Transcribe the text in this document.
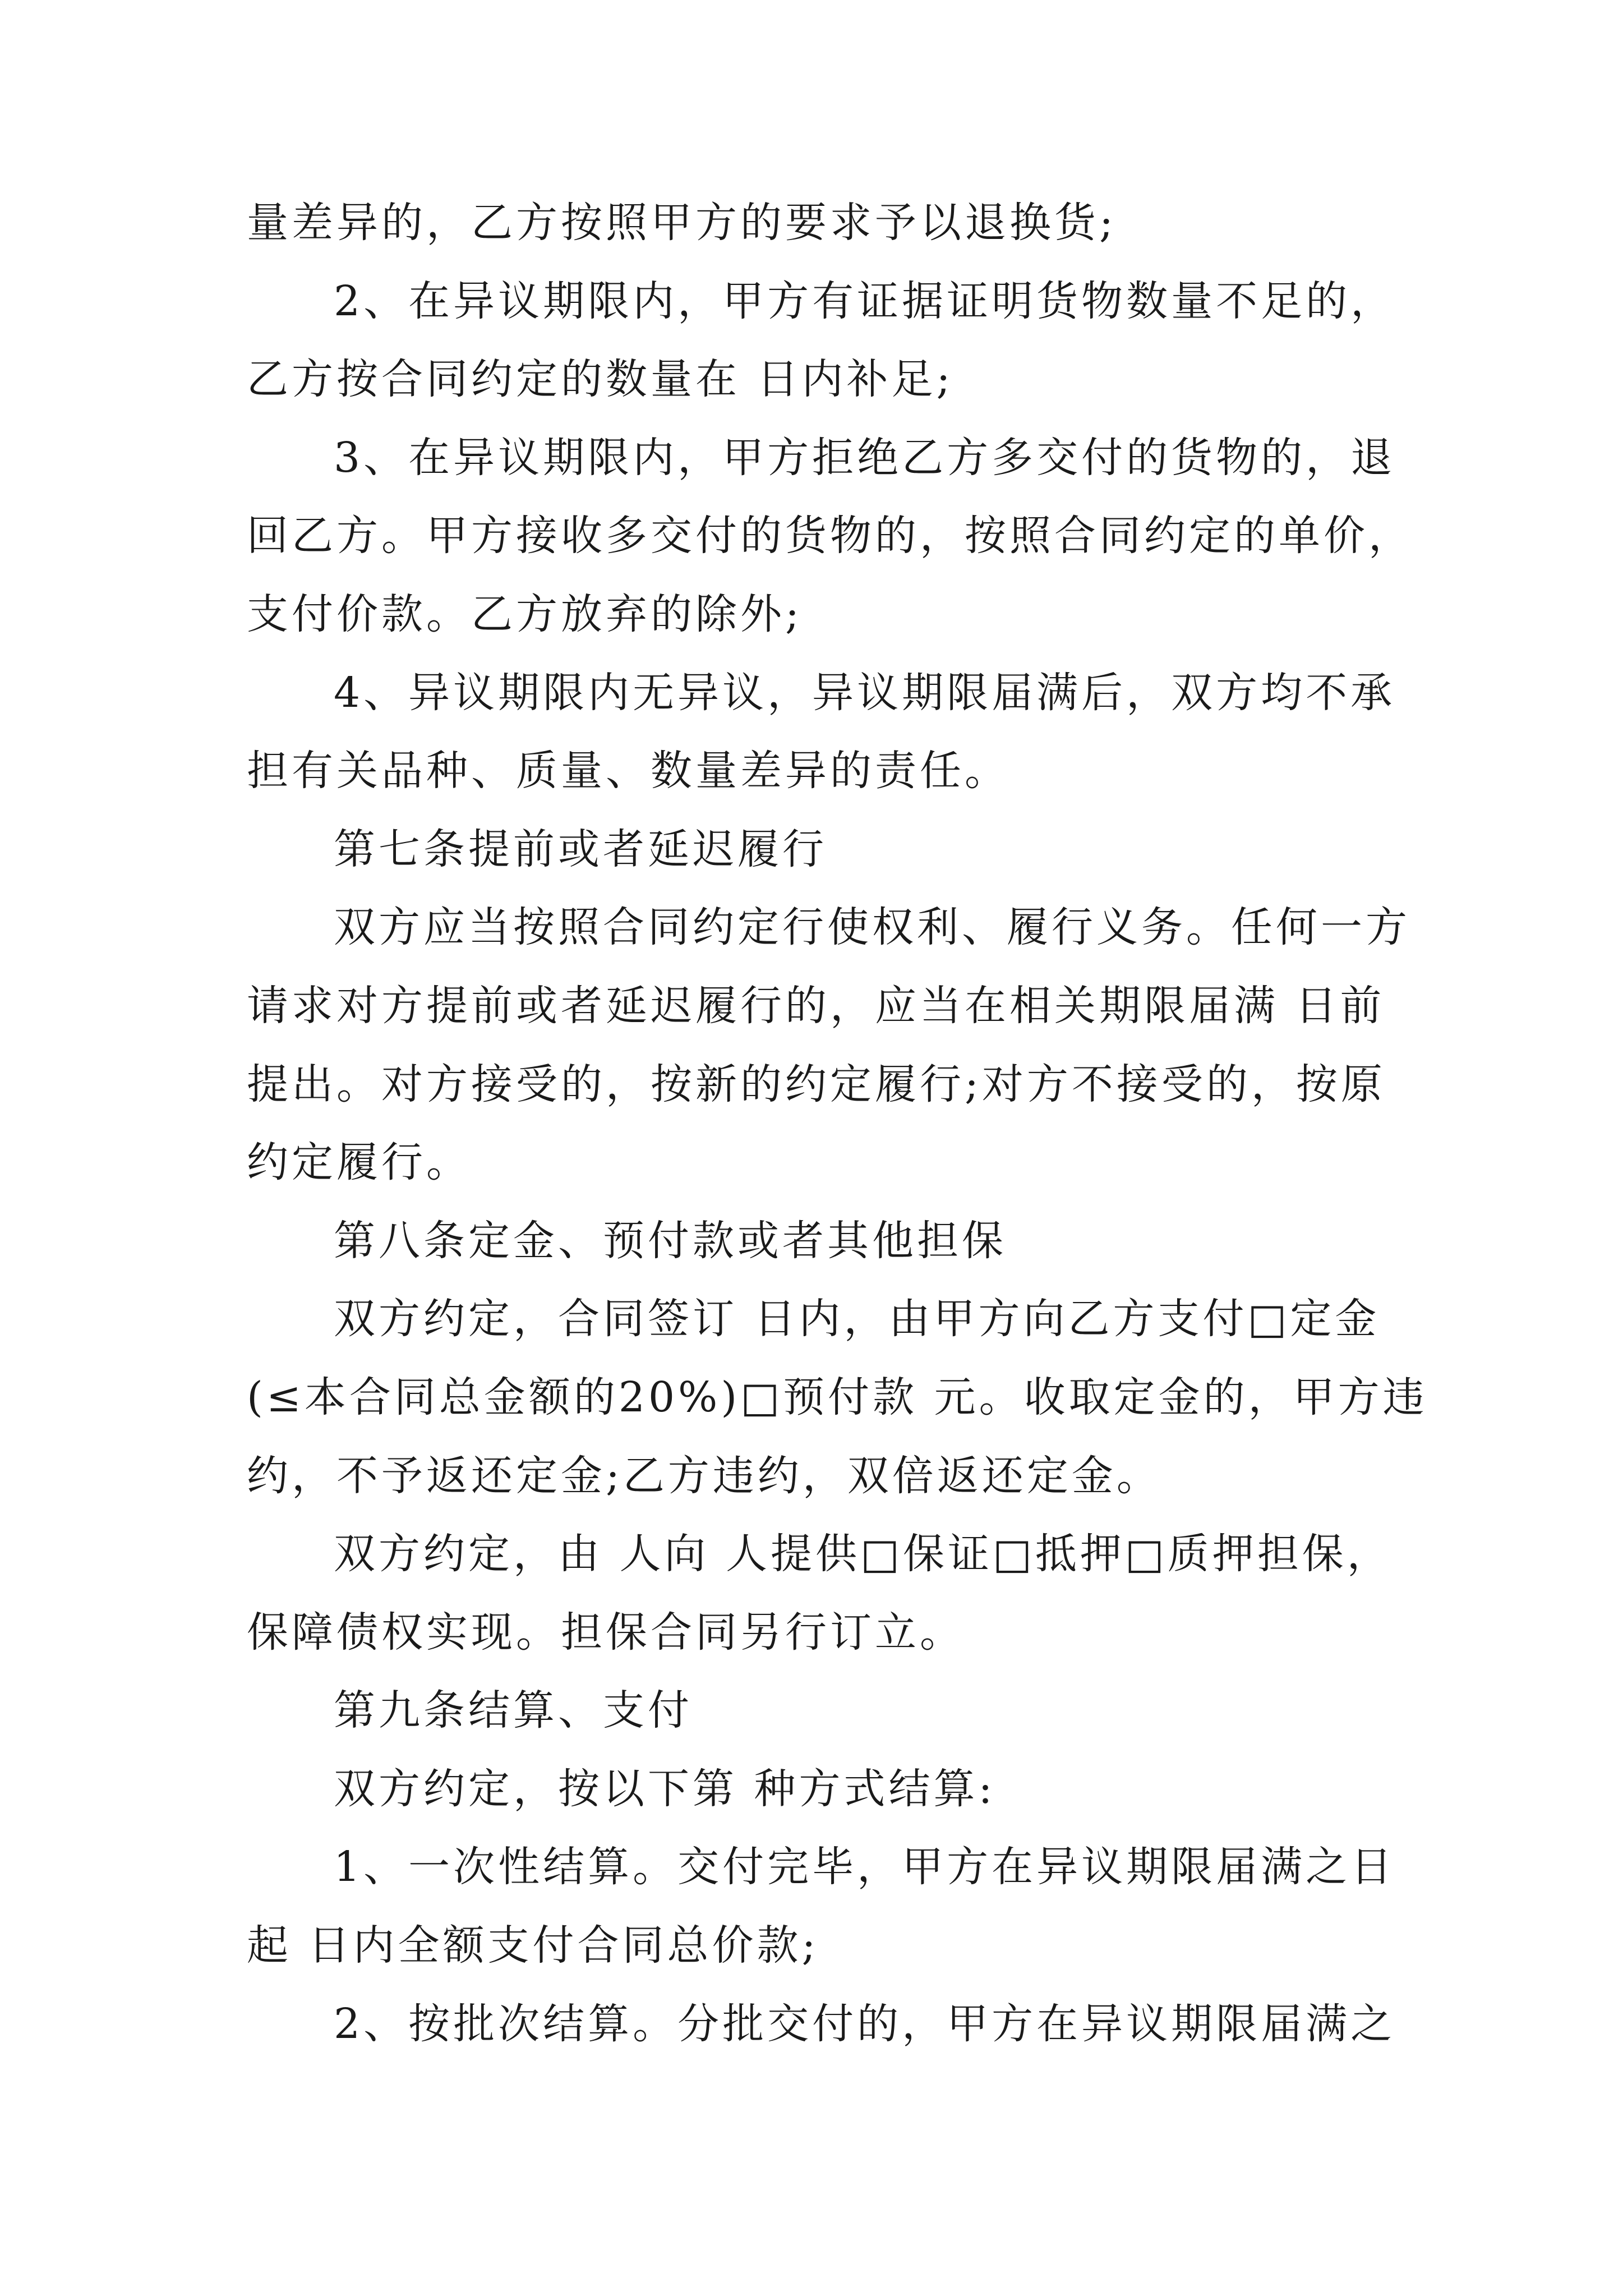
量差异的，乙方按照甲方的要求予以退换货;
2、在异议期限内，甲方有证据证明货物数量不足的，
乙方按合同约定的数量在 日内补足;
3、在异议期限内，甲方拒绝乙方多交付的货物的，退
回乙方。甲方接收多交付的货物的，按照合同约定的单价，
支付价款。乙方放弃的除外;
4、异议期限内无异议，异议期限届满后，双方均不承
担有关品种、质量、数量差异的责任。
第七条提前或者延迟履行
双方应当按照合同约定行使权利、履行义务。任何一方
请求对方提前或者延迟履行的，应当在相关期限届满 日前
提出。对方接受的，按新的约定履行;对方不接受的，按原
约定履行。
第八条定金、预付款或者其他担保
双方约定，合同签订 日内，由甲方向乙方支付□定金
(≤本合同总金额的20%)□预付款 元。收取定金的，甲方违
约，不予返还定金;乙方违约，双倍返还定金。
双方约定，由 人向 人提供□保证□抵押□质押担保，
保障债权实现。担保合同另行订立。
第九条结算、支付
双方约定，按以下第 种方式结算:
1、一次性结算。交付完毕，甲方在异议期限届满之日
起 日内全额支付合同总价款;
2、按批次结算。分批交付的，甲方在异议期限届满之
